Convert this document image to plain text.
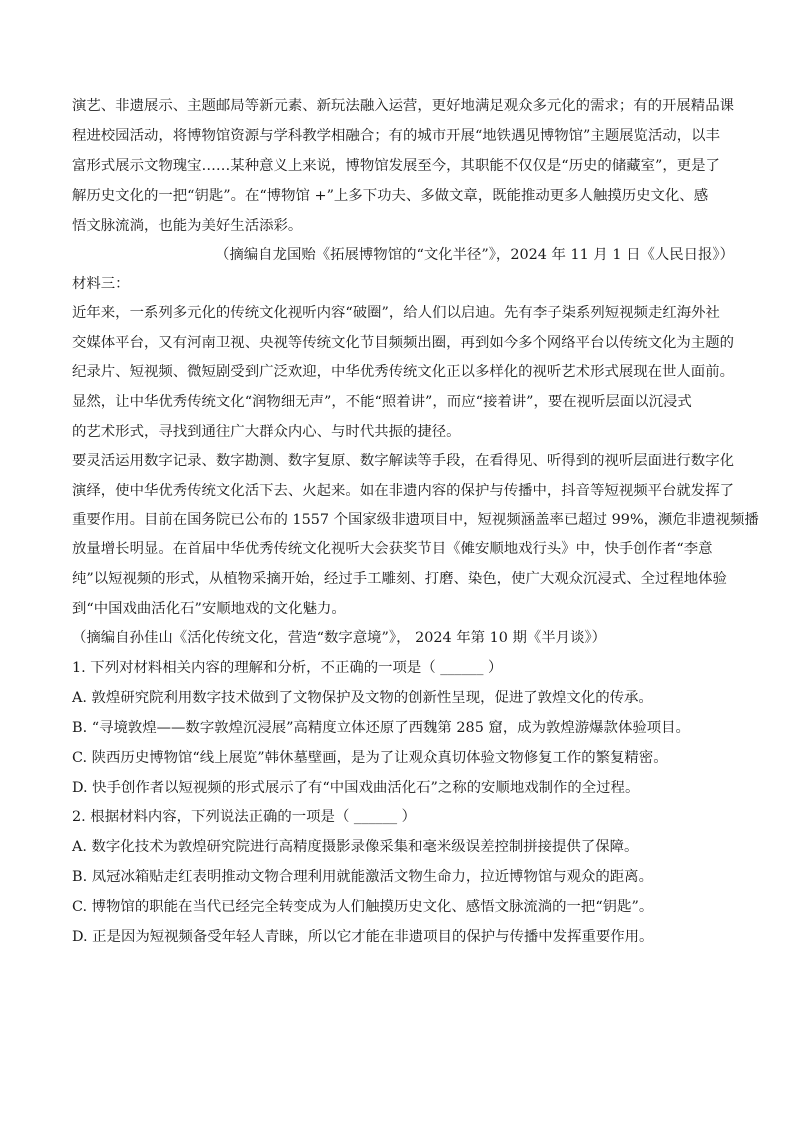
演艺、非遗展示、主题邮局等新元素、新玩法融入运营，更好地满足观众多元化的需求；有的开展精品课
程进校园活动，将博物馆资源与学科教学相融合；有的城市开展“地铁遇见博物馆”主题展览活动，以丰
富形式展示文物瑰宝……某种意义上来说，博物馆发展至今，其职能不仅仅是“历史的储藏室”，更是了
解历史文化的一把“钥匙”。在“博物馆 +”上多下功夫、多做文章，既能推动更多人触摸历史文化、感
悟文脉流淌，也能为美好生活添彩。
（摘编自龙国贻《拓展博物馆的“文化半径”》，2024 年 11 月 1 日《人民日报》）
材料三：
近年来，一系列多元化的传统文化视听内容“破圈”，给人们以启迪。先有李子柒系列短视频走红海外社
交媒体平台，又有河南卫视、央视等传统文化节目频频出圈，再到如今多个网络平台以传统文化为主题的
纪录片、短视频、微短剧受到广泛欢迎，中华优秀传统文化正以多样化的视听艺术形式展现在世人面前。
显然，让中华优秀传统文化“润物细无声”，不能“照着讲”，而应“接着讲”，要在视听层面以沉浸式
的艺术形式，寻找到通往广大群众内心、与时代共振的捷径。
要灵活运用数字记录、数字勘测、数字复原、数字解读等手段，在看得见、听得到的视听层面进行数字化
演绎，使中华优秀传统文化活下去、火起来。如在非遗内容的保护与传播中，抖音等短视频平台就发挥了
重要作用。目前在国务院已公布的 1557 个国家级非遗项目中，短视频涵盖率已超过 99%，濒危非遗视频播
放量增长明显。在首届中华优秀传统文化视听大会获奖节目《傩安顺地戏行头》中，快手创作者“李意
纯”以短视频的形式，从植物采摘开始，经过手工雕刻、打磨、染色，使广大观众沉浸式、全过程地体验
到“中国戏曲活化石”安顺地戏的文化魅力。
（摘编自孙佳山《活化传统文化，营造“数字意境”》， 2024 年第 10 期《半月谈》）
1. 下列对材料相关内容的理解和分析，不正确的一项是（ ______ ）
A. 敦煌研究院利用数字技术做到了文物保护及文物的创新性呈现，促进了敦煌文化的传承。
B. “寻境敦煌——数字敦煌沉浸展”高精度立体还原了西魏第 285 窟，成为敦煌游爆款体验项目。
C. 陕西历史博物馆“线上展览”韩休墓壁画，是为了让观众真切体验文物修复工作的繁复精密。
D. 快手创作者以短视频的形式展示了有“中国戏曲活化石”之称的安顺地戏制作的全过程。
2. 根据材料内容，下列说法正确的一项是（ ______ ）
A. 数字化技术为敦煌研究院进行高精度摄影录像采集和毫米级误差控制拼接提供了保障。
B. 凤冠冰箱贴走红表明推动文物合理利用就能激活文物生命力，拉近博物馆与观众的距离。
C. 博物馆的职能在当代已经完全转变成为人们触摸历史文化、感悟文脉流淌的一把“钥匙”。
D. 正是因为短视频备受年轻人青睐，所以它才能在非遗项目的保护与传播中发挥重要作用。
